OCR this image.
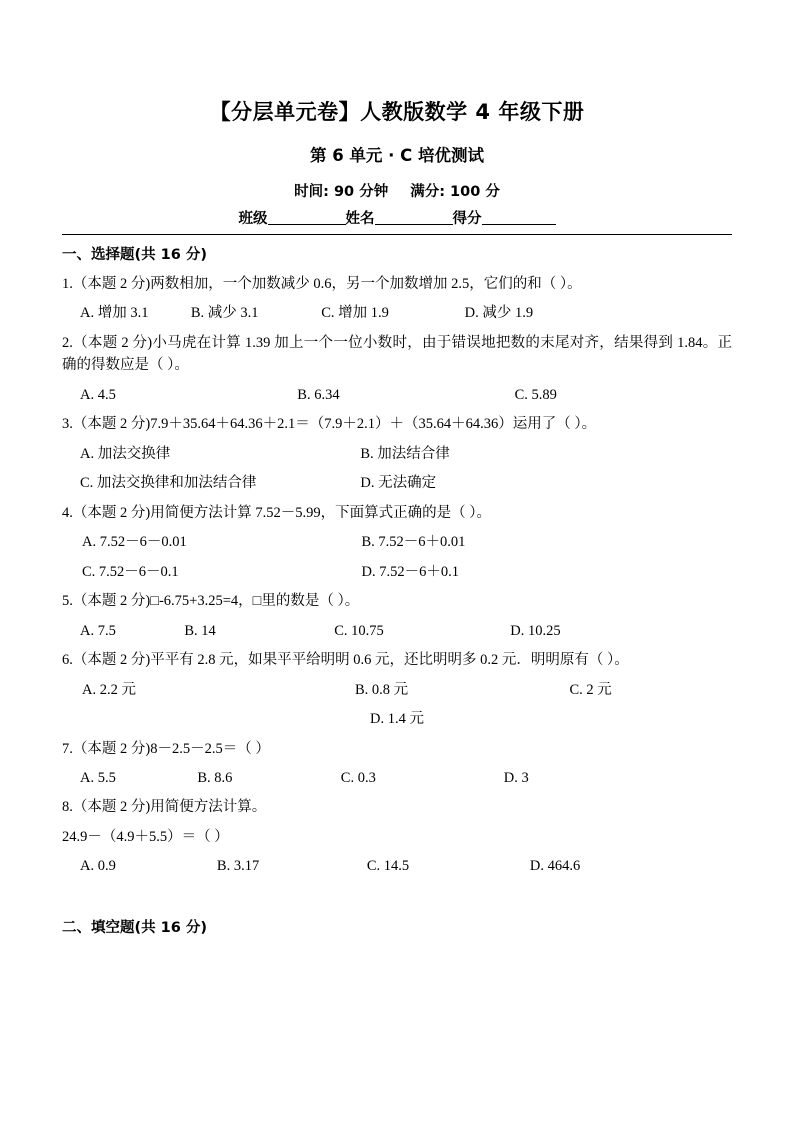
【分层单元卷】人教版数学 4 年级下册
第 6 单元 · C 培优测试
时间: 90 分钟 满分: 100 分
班级	姓名	得分
一、选择题(共 16 分)
1.（本题 2 分)两数相加，一个加数减少 0.6，另一个加数增加 2.5，它们的和（ ）。
A. 增加 3.1	B. 减少 3.1	C. 增加 1.9	D. 减少 1.9
2.（本题 2 分)小马虎在计算 1.39 加上一个一位小数时，由于错误地把数的末尾对齐，结果得到 1.84。正确的得数应是（ ）。
A. 4.5	B. 6.34	C. 5.89
3.（本题 2 分)7.9＋35.64＋64.36＋2.1＝（7.9＋2.1）＋（35.64＋64.36）运用了（ ）。
A. 加法交换律	B. 加法结合律
C. 加法交换律和加法结合律	D. 无法确定
4.（本题 2 分)用简便方法计算 7.52－5.99，下面算式正确的是（ ）。
A. 7.52－6－0.01	B. 7.52－6＋0.01
C. 7.52－6－0.1	D. 7.52－6＋0.1
5.（本题 2 分)□-6.75+3.25=4，□里的数是（ ）。
A. 7.5	B. 14	C. 10.75	D. 10.25
6.（本题 2 分)平平有 2.8 元，如果平平给明明 0.6 元，还比明明多 0.2 元．明明原有（ ）。
A. 2.2 元	B. 0.8 元	C. 2 元
D. 1.4 元
7.（本题 2 分)8－2.5－2.5＝（ ）
A. 5.5	B. 8.6	C. 0.3	D. 3
8.（本题 2 分)用简便方法计算。
24.9－（4.9＋5.5）＝（ ）
A. 0.9	B. 3.17	C. 14.5	D. 464.6
二、填空题(共 16 分)
